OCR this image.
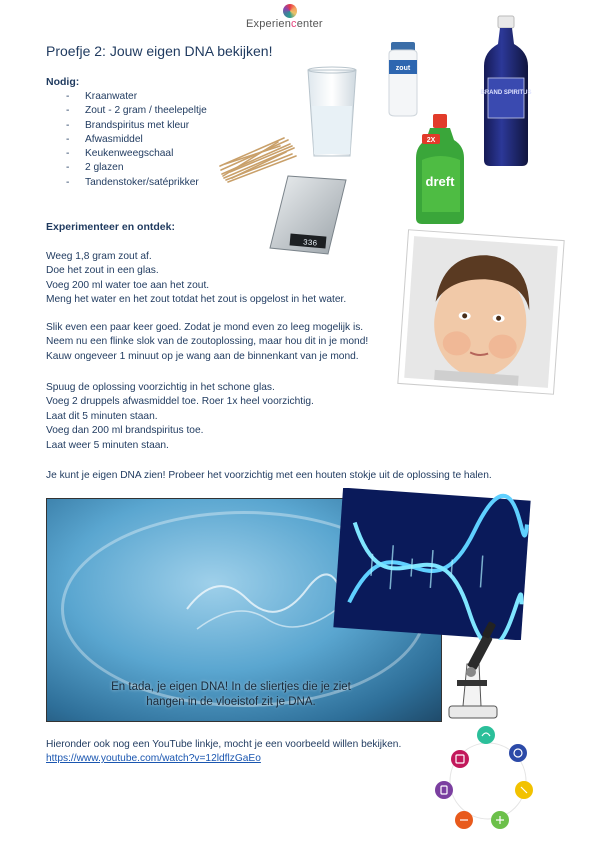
Experiencenter
Proefje 2: Jouw eigen DNA bekijken!
Nodig:
- Kraanwater
- Zout - 2 gram / theelepeltje
- Brandspiritus met kleur
- Afwasmiddel
- Keukenweegschaal
- 2 glazen
- Tandenstoker/satéprikker
zout
BRAND SPIRITUS
2X
dreft
336
Experimenteer en ontdek:
Weeg 1,8 gram zout af.
Doe het zout in een glas.
Voeg 200 ml water toe aan het zout.
Meng het water en het zout totdat het zout is opgelost in het water.
Slik even een paar keer goed. Zodat je mond even zo leeg mogelijk is.
Neem nu een flinke slok van de zoutoplossing, maar hou dit in je mond!
Kauw ongeveer 1 minuut op je wang aan de binnenkant van je mond.
Spuug de oplossing voorzichtig in het schone glas.
Voeg 2 druppels afwasmiddel toe. Roer 1x heel voorzichtig.
Laat dit 5 minuten staan.
Voeg dan 200 ml brandspiritus toe.
Laat weer 5 minuten staan.
Je kunt je eigen DNA zien! Probeer het voorzichtig met een houten stokje uit de oplossing te halen.
En tada, je eigen DNA! In de sliertjes die je ziet hangen in de vloeistof zit je DNA.
Hieronder ook nog een YouTube linkje, mocht je een voorbeeld willen bekijken.
https://www.youtube.com/watch?v=12ldflzGaEo
